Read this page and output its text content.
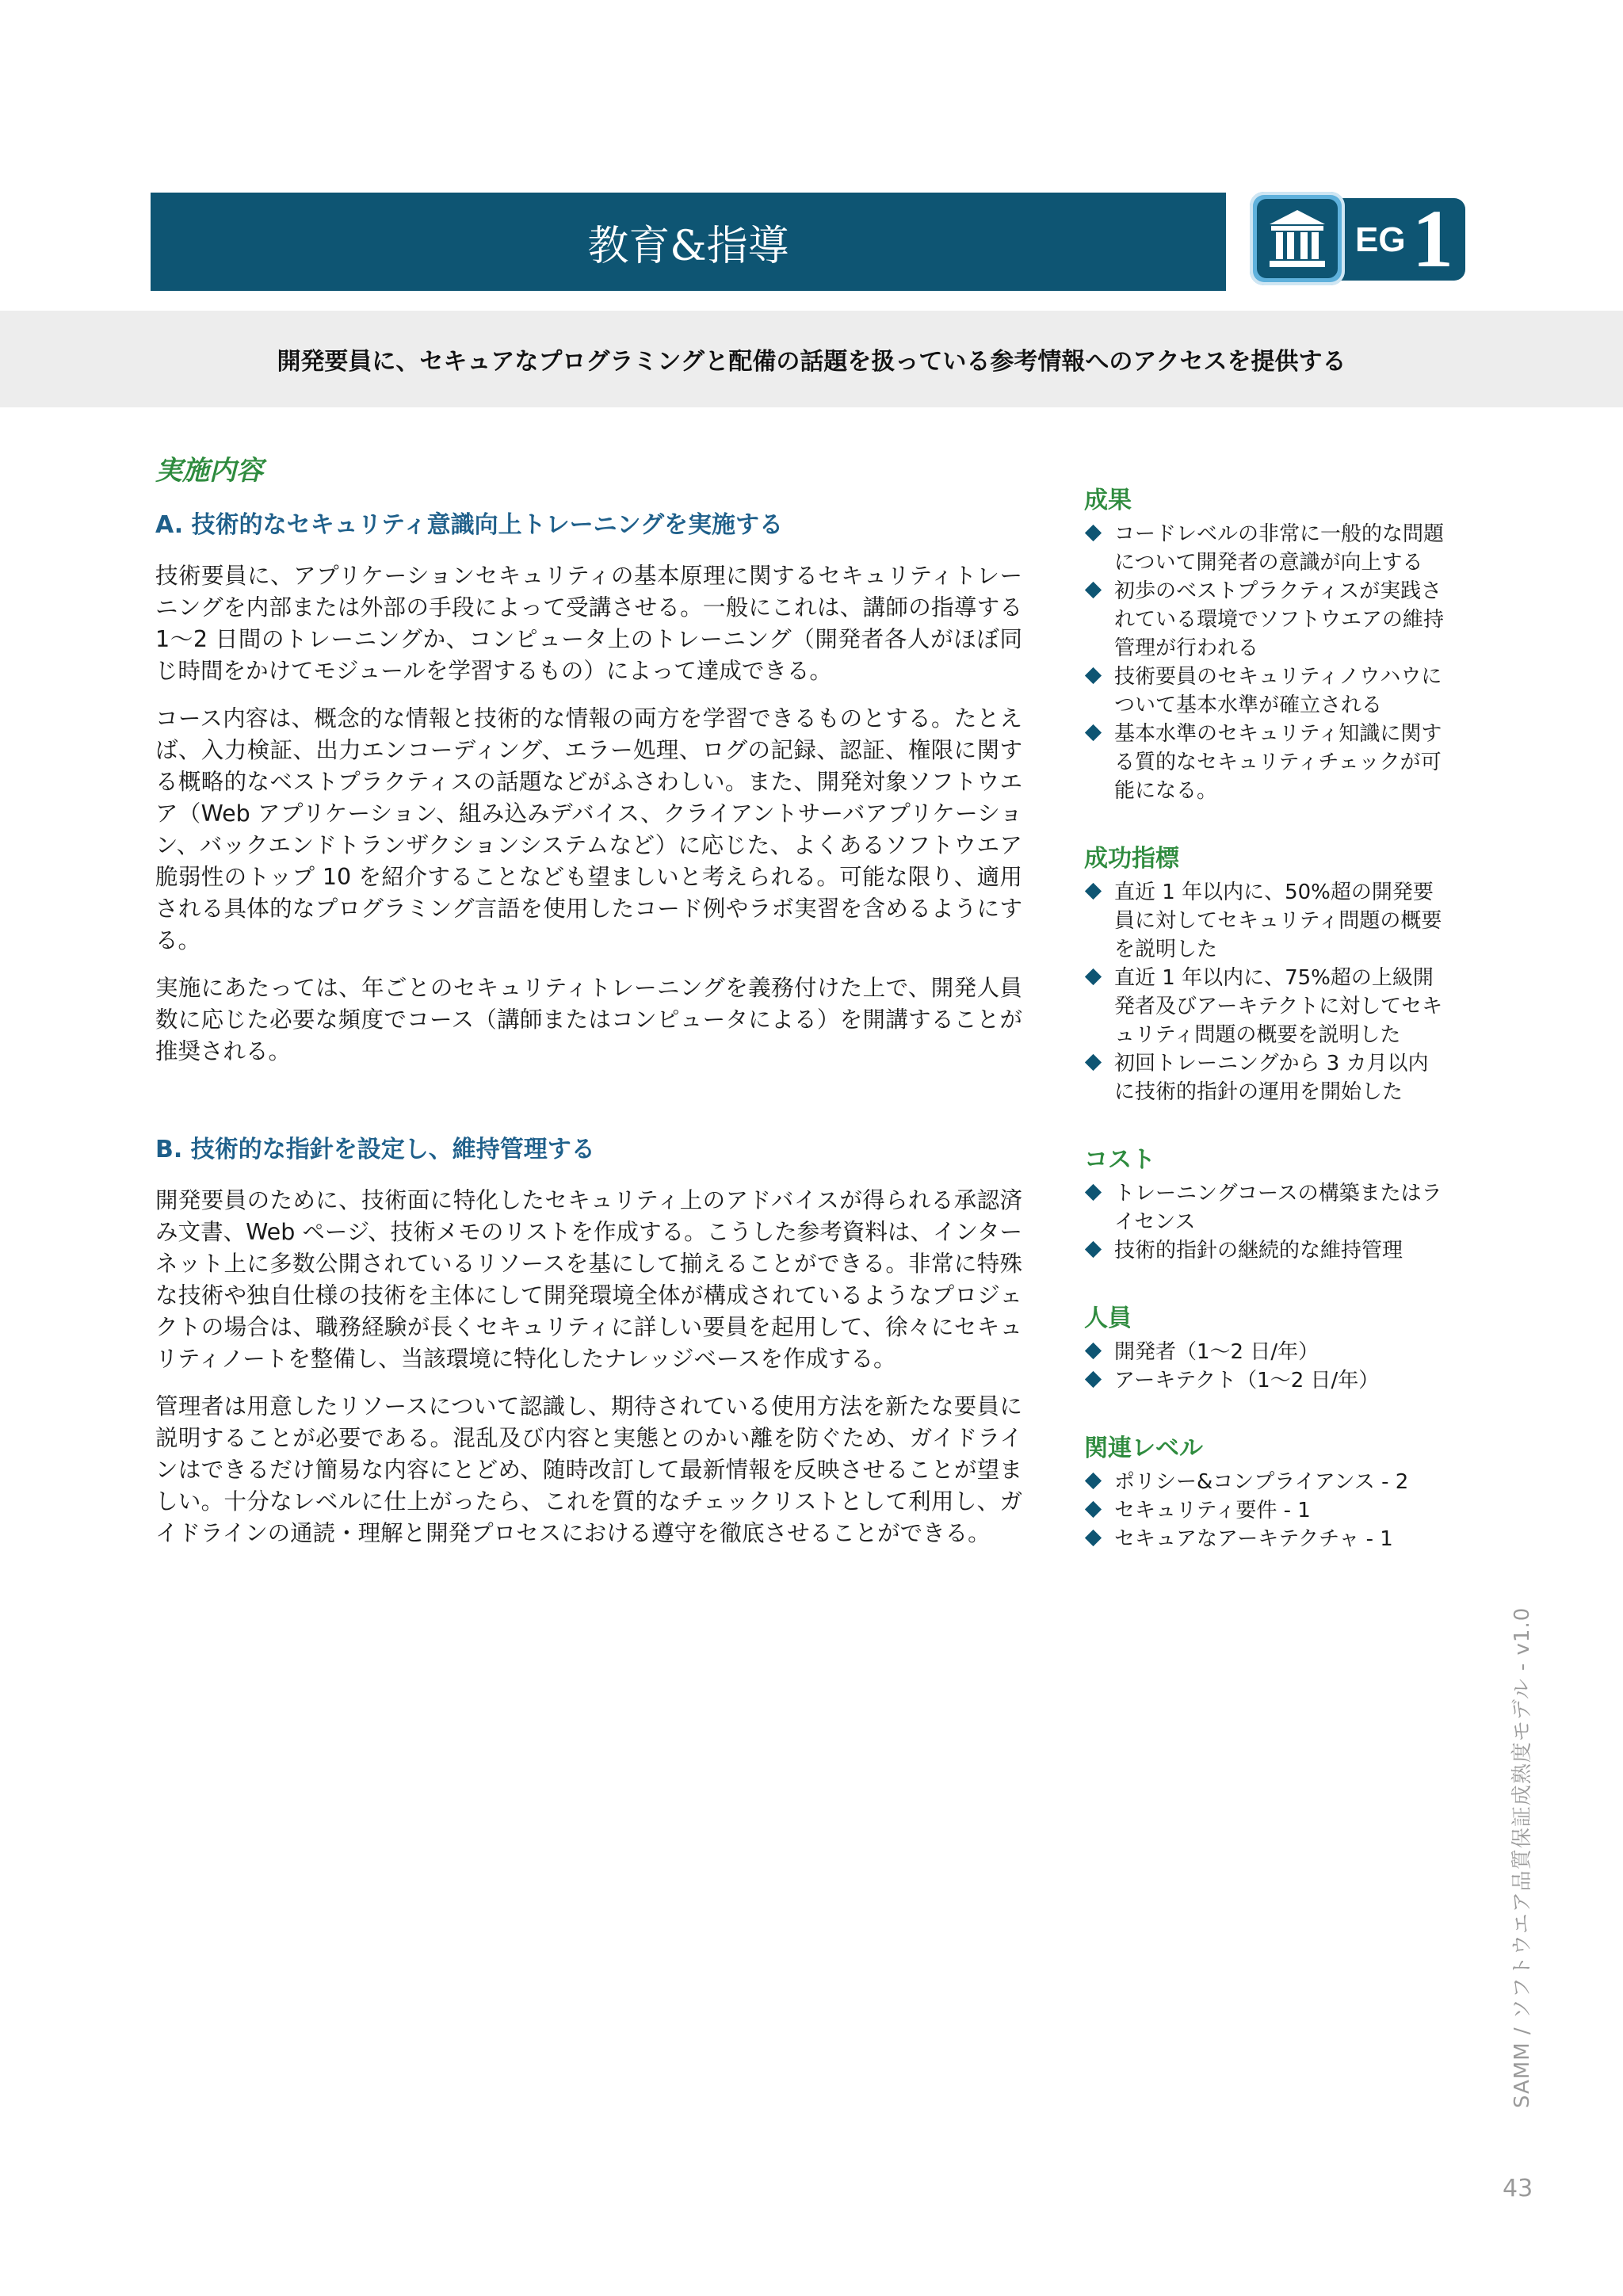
教育&指導	EG 1
開発要員に、セキュアなプログラミングと配備の話題を扱っている参考情報へのアクセスを提供する
実施内容
A. 技術的なセキュリティ意識向上トレーニングを実施する

技術要員に、アプリケーションセキュリティの基本原理に関するセキュリティトレーニングを内部または外部の手段によって受講させる。一般にこれは、講師の指導する 1〜2 日間のトレーニングか、コンピュータ上のトレーニング（開発者各人がほぼ同じ時間をかけてモジュールを学習するもの）によって達成できる。

コース内容は、概念的な情報と技術的な情報の両方を学習できるものとする。たとえば、入力検証、出力エンコーディング、エラー処理、ログの記録、認証、権限に関する概略的なベストプラクティスの話題などがふさわしい。また、開発対象ソフトウエア（Web アプリケーション、組み込みデバイス、クライアントサーバアプリケーション、バックエンドトランザクションシステムなど）に応じた、よくあるソフトウエア脆弱性のトップ 10 を紹介することなども望ましいと考えられる。可能な限り、適用される具体的なプログラミング言語を使用したコード例やラボ実習を含めるようにする。

実施にあたっては、年ごとのセキュリティトレーニングを義務付けた上で、開発人員数に応じた必要な頻度でコース（講師またはコンピュータによる）を開講することが推奨される。

B. 技術的な指針を設定し、維持管理する

開発要員のために、技術面に特化したセキュリティ上のアドバイスが得られる承認済み文書、Web ページ、技術メモのリストを作成する。こうした参考資料は、インターネット上に多数公開されているリソースを基にして揃えることができる。非常に特殊な技術や独自仕様の技術を主体にして開発環境全体が構成されているようなプロジェクトの場合は、職務経験が長くセキュリティに詳しい要員を起用して、徐々にセキュリティノートを整備し、当該環境に特化したナレッジベースを作成する。

管理者は用意したリソースについて認識し、期待されている使用方法を新たな要員に説明することが必要である。混乱及び内容と実態とのかい離を防ぐため、ガイドラインはできるだけ簡易な内容にとどめ、随時改訂して最新情報を反映させることが望ましい。十分なレベルに仕上がったら、これを質的なチェックリストとして利用し、ガイドラインの通読・理解と開発プロセスにおける遵守を徹底させることができる。

成果
コードレベルの非常に一般的な問題について開発者の意識が向上する
初歩のベストプラクティスが実践されている環境でソフトウエアの維持管理が行われる
技術要員のセキュリティノウハウについて基本水準が確立される
基本水準のセキュリティ知識に関する質的なセキュリティチェックが可能になる。
成功指標
直近 1 年以内に、50%超の開発要員に対してセキュリティ問題の概要を説明した
直近 1 年以内に、75%超の上級開発者及びアーキテクトに対してセキュリティ問題の概要を説明した
初回トレーニングから 3 カ月以内に技術的指針の運用を開始した
コスト
トレーニングコースの構築またはライセンス
技術的指針の継続的な維持管理
人員
開発者（1〜2 日/年）
アーキテクト（1〜2 日/年）
関連レベル
ポリシー&コンプライアンス - 2
セキュリティ要件 - 1
セキュアなアーキテクチャ - 1
SAMM / ソフトウエア品質保証成熟度モデル - v1.0
43
